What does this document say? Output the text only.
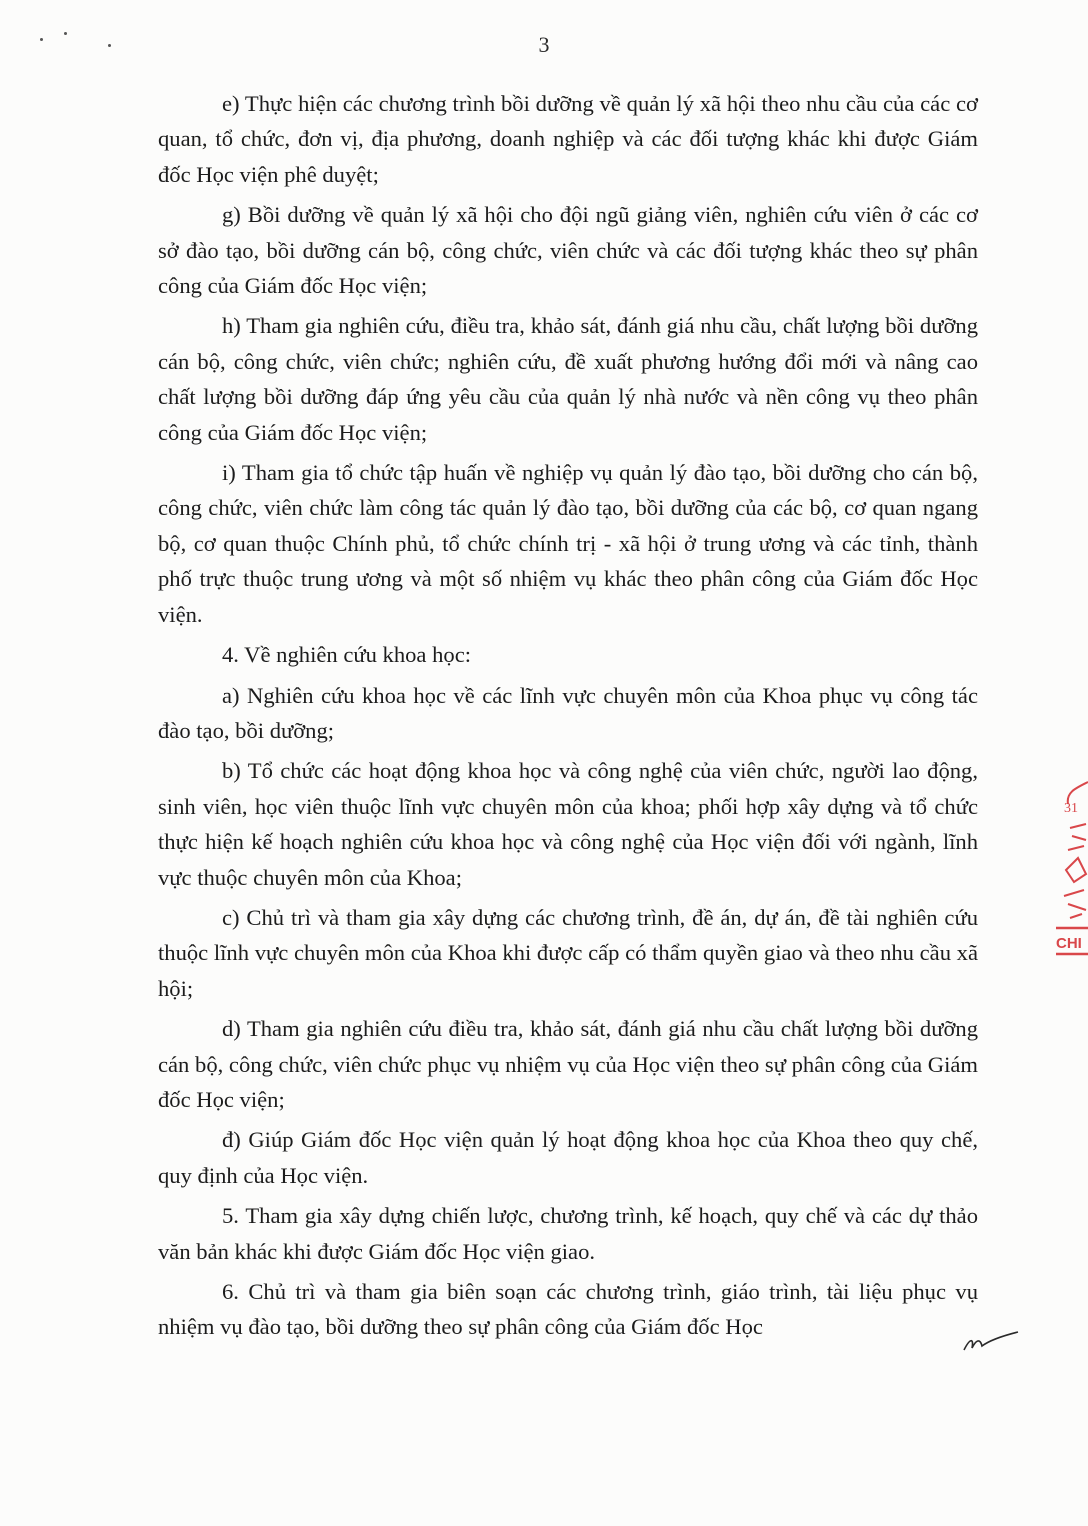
3

e) Thực hiện các chương trình bồi dưỡng về quản lý xã hội theo nhu cầu của các cơ quan, tổ chức, đơn vị, địa phương, doanh nghiệp và các đối tượng khác khi được Giám đốc Học viện phê duyệt;

g) Bồi dưỡng về quản lý xã hội cho đội ngũ giảng viên, nghiên cứu viên ở các cơ sở đào tạo, bồi dưỡng cán bộ, công chức, viên chức và các đối tượng khác theo sự phân công của Giám đốc Học viện;

h) Tham gia nghiên cứu, điều tra, khảo sát, đánh giá nhu cầu, chất lượng bồi dưỡng cán bộ, công chức, viên chức; nghiên cứu, đề xuất phương hướng đổi mới và nâng cao chất lượng bồi dưỡng đáp ứng yêu cầu của quản lý nhà nước và nền công vụ theo phân công của Giám đốc Học viện;

i) Tham gia tổ chức tập huấn về nghiệp vụ quản lý đào tạo, bồi dưỡng cho cán bộ, công chức, viên chức làm công tác quản lý đào tạo, bồi dưỡng của các bộ, cơ quan ngang bộ, cơ quan thuộc Chính phủ, tổ chức chính trị - xã hội ở trung ương và các tỉnh, thành phố trực thuộc trung ương và một số nhiệm vụ khác theo phân công của Giám đốc Học viện.

4. Về nghiên cứu khoa học:

a) Nghiên cứu khoa học về các lĩnh vực chuyên môn của Khoa phục vụ công tác đào tạo, bồi dưỡng;

b) Tổ chức các hoạt động khoa học và công nghệ của viên chức, người lao động, sinh viên, học viên thuộc lĩnh vực chuyên môn của khoa; phối hợp xây dựng và tổ chức thực hiện kế hoạch nghiên cứu khoa học và công nghệ của Học viện đối với ngành, lĩnh vực thuộc chuyên môn của Khoa;

c) Chủ trì và tham gia xây dựng các chương trình, đề án, dự án, đề tài nghiên cứu thuộc lĩnh vực chuyên môn của Khoa khi được cấp có thẩm quyền giao và theo nhu cầu xã hội;

d) Tham gia nghiên cứu điều tra, khảo sát, đánh giá nhu cầu chất lượng bồi dưỡng cán bộ, công chức, viên chức phục vụ nhiệm vụ của Học viện theo sự phân công của Giám đốc Học viện;

đ) Giúp Giám đốc Học viện quản lý hoạt động khoa học của Khoa theo quy chế, quy định của Học viện.

5. Tham gia xây dựng chiến lược, chương trình, kế hoạch, quy chế và các dự thảo văn bản khác khi được Giám đốc Học viện giao.

6. Chủ trì và tham gia biên soạn các chương trình, giáo trình, tài liệu phục vụ nhiệm vụ đào tạo, bồi dưỡng theo sự phân công của Giám đốc Học

31
CHI
